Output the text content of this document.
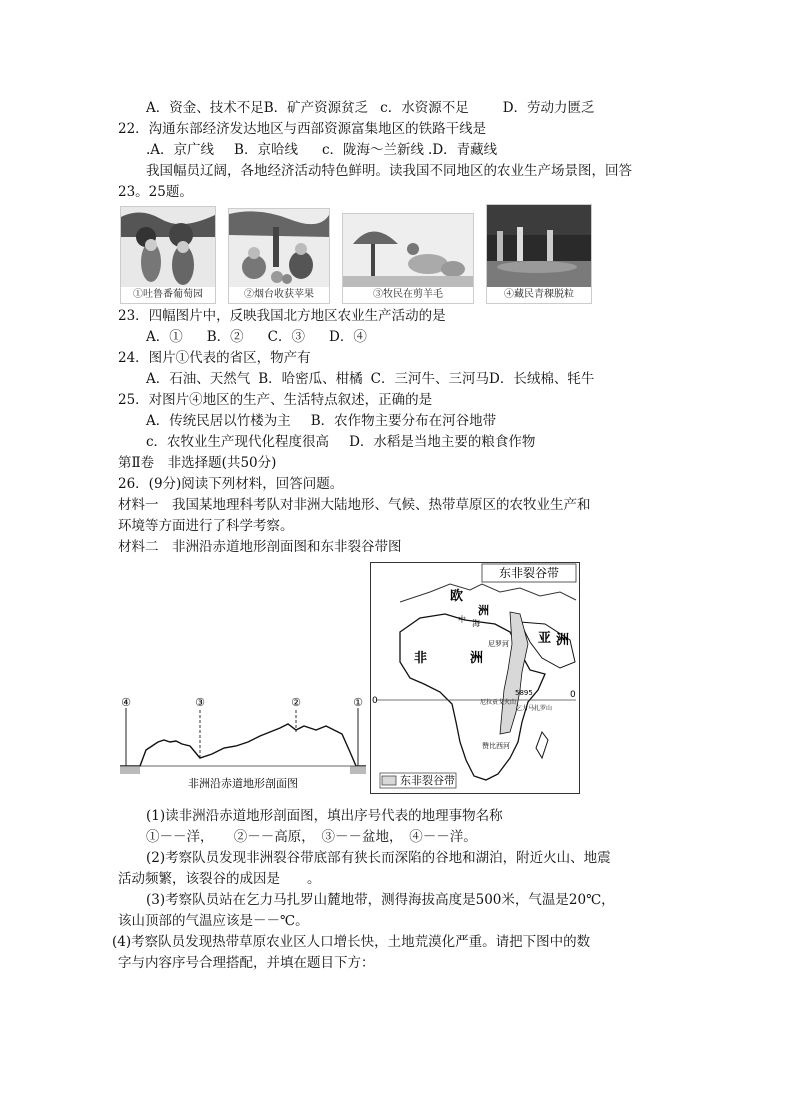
A．资金、技术不足B．矿产资源贫乏 c．水资源不足	D．劳动力匮乏
22．沟通东部经济发达地区与西部资源富集地区的铁路干线是
.A．京广线 B．京哈线 c．陇海～兰新线 .D．青藏线
我国幅员辽阔，各地经济活动特色鲜明。读我国不同地区的农业生产场景图，回答
23。25题。
①吐鲁番葡萄园	②烟台收获苹果	③牧民在剪羊毛	④藏民青稞脱粒
23．四幅图片中，反映我国北方地区农业生产活动的是
A．① B．② C．③ D．④
24．图片①代表的省区，物产有
A．石油、天然气 B．哈密瓜、柑橘 C．三河牛、三河马D．长绒棉、牦牛
25．对图片④地区的生产、生活特点叙述，正确的是
A．传统民居以竹楼为主 B．农作物主要分布在河谷地带
c．农牧业生产现代化程度很高 D．水稻是当地主要的粮食作物
第Ⅱ卷　非选择题(共50分)
26．(9分)阅读下列材料，回答问题。
材料一　我国某地理科考队对非洲大陆地形、气候、热带草原区的农牧业生产和
环境等方面进行了科学考察。
材料二　非洲沿赤道地形剖面图和东非裂谷带图
④	③	②	①
非洲沿赤道地形剖面图
东非裂谷带
0
0
欧
洲
亚 洲
非	洲
中 海
尼罗河
尼拉贡戈火山
5895
乞力马扎罗山
赞比西河
东非裂谷带
(1)读非洲沿赤道地形剖面图，填出序号代表的地理事物名称
①－－洋，　　②－－高原，　③－－盆地，　④－－洋。
(2)考察队员发现非洲裂谷带底部有狭长而深陷的谷地和湖泊，附近火山、地震
活动频繁，该裂谷的成因是　　。
(3)考察队员站在乞力马扎罗山麓地带，测得海拔高度是500米，气温是20℃，
该山顶部的气温应该是－－℃。
(4)考察队员发现热带草原农业区人口增长快，土地荒漠化严重。请把下图中的数
字与内容序号合理搭配，并填在题目下方：
